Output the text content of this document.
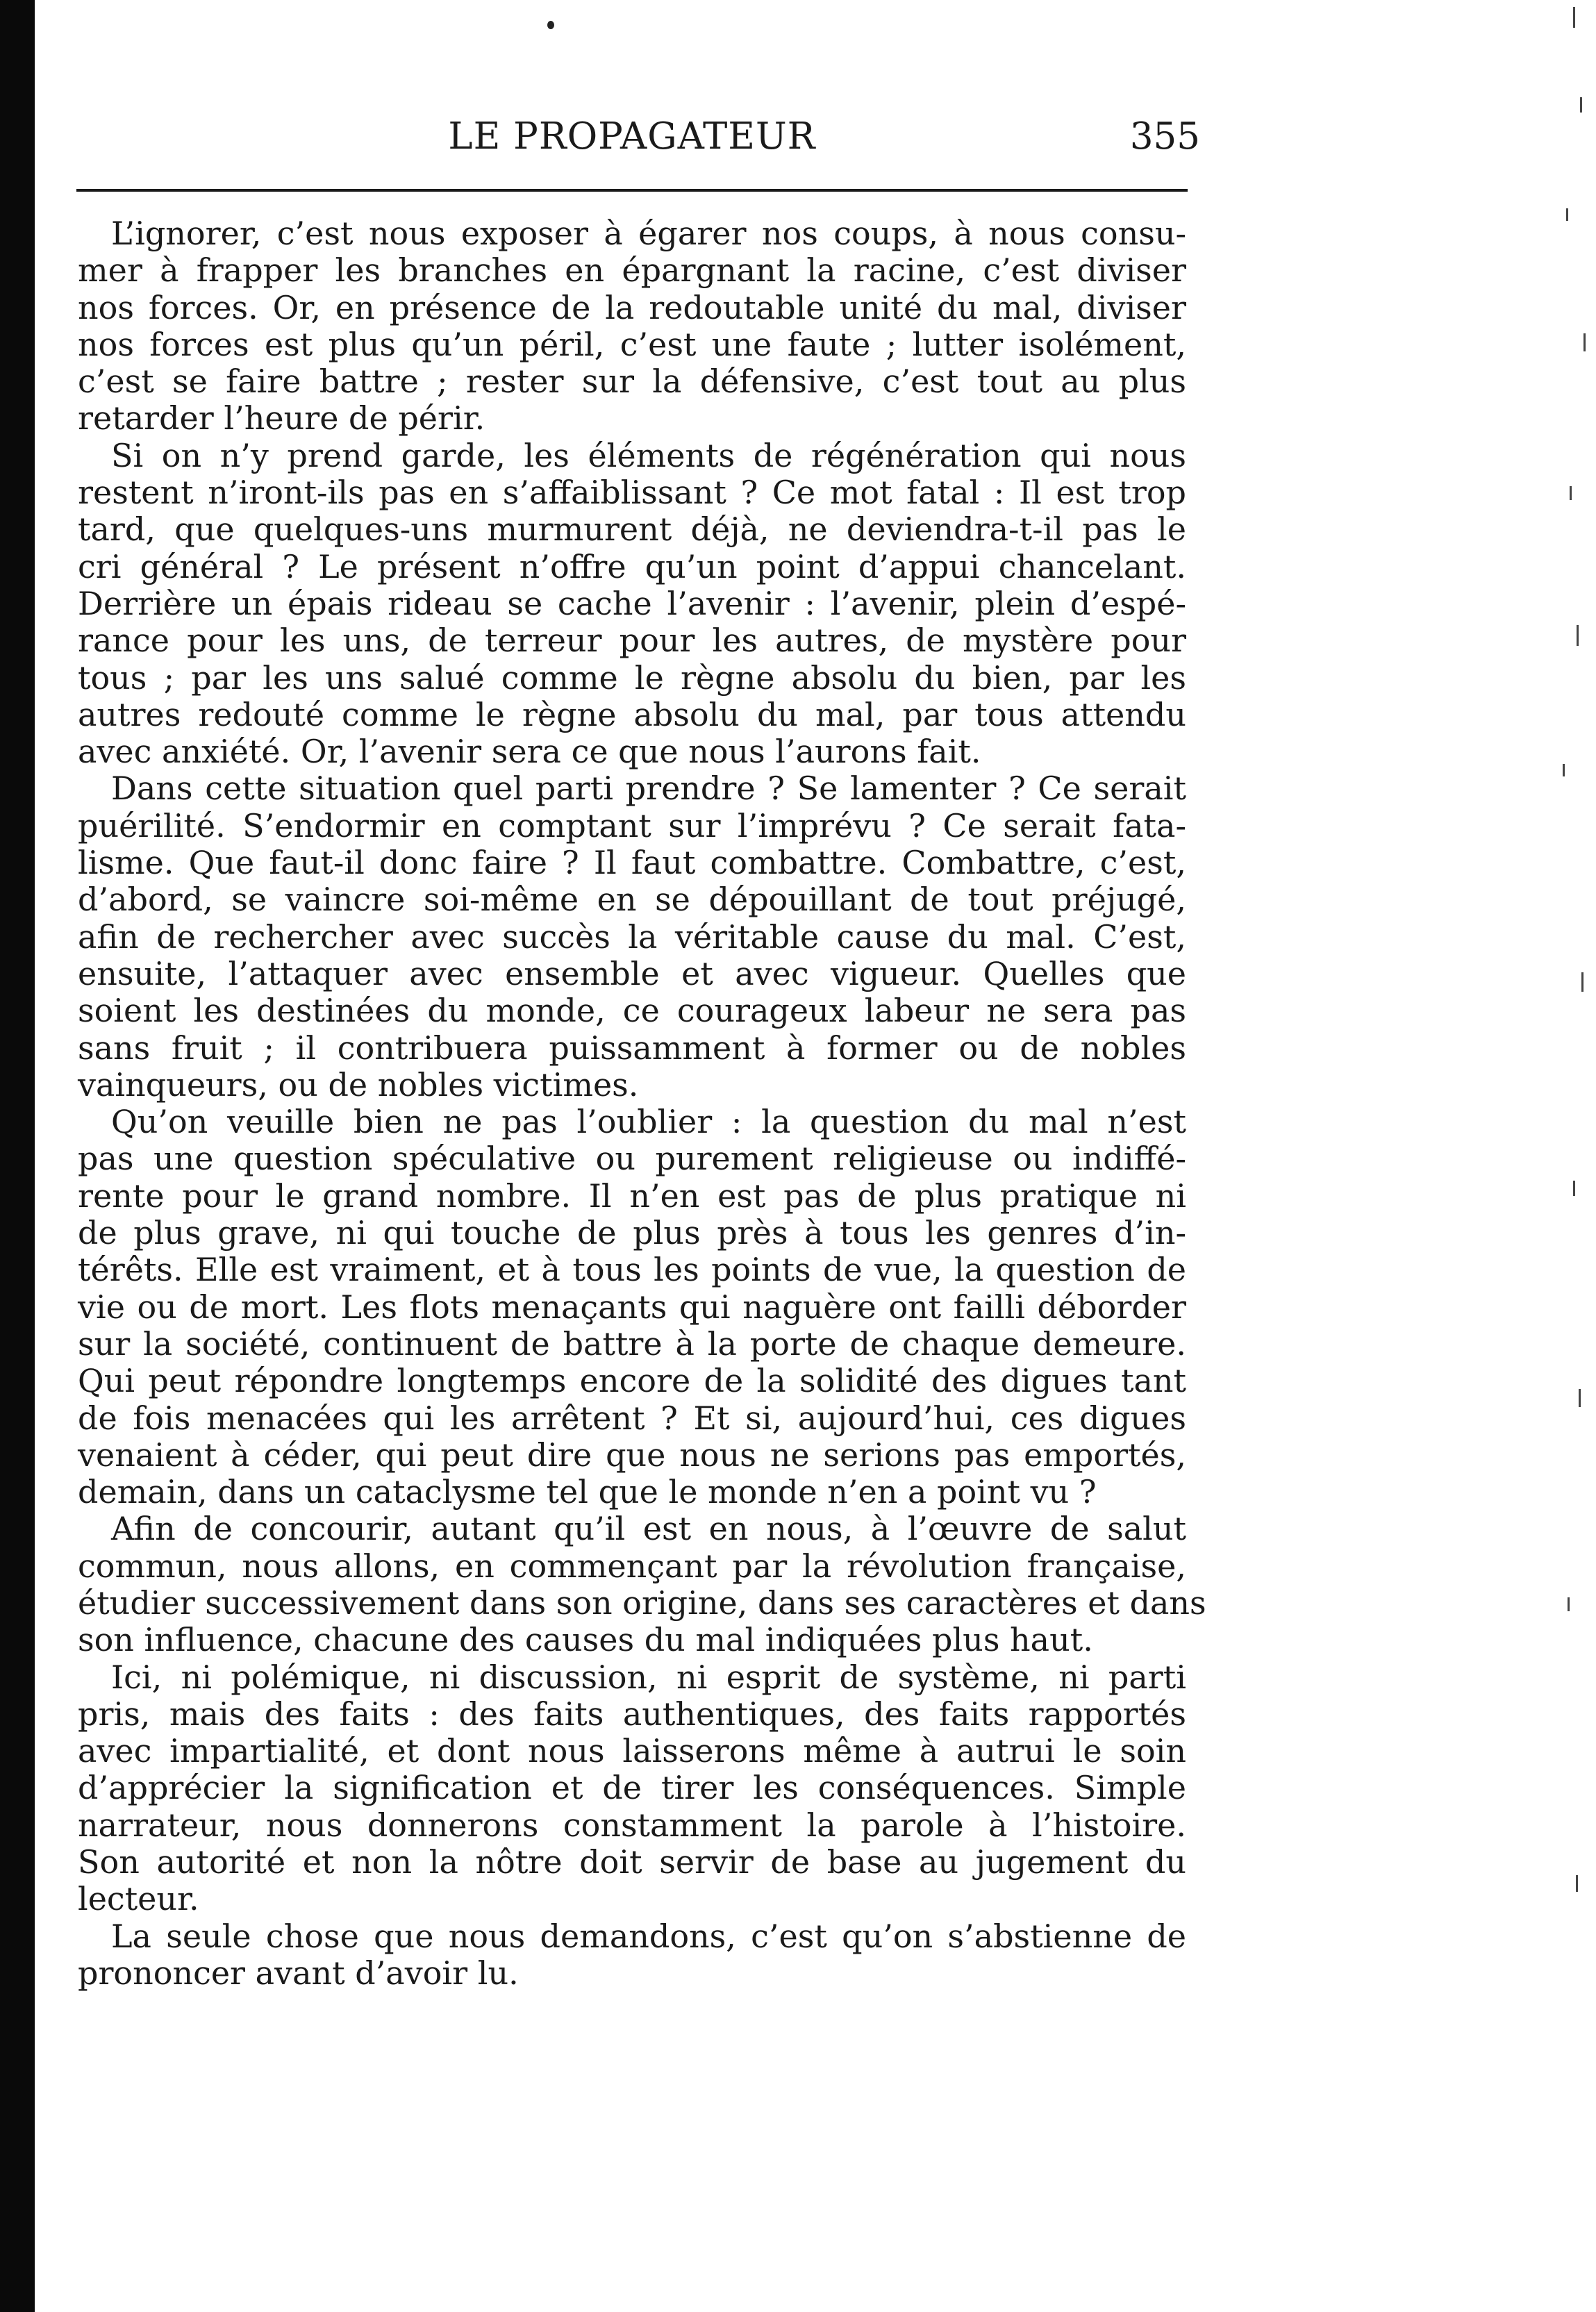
LE PROPAGATEUR	355
L’ignorer, c’est nous exposer à égarer nos coups, à nous consu-
mer à frapper les branches en épargnant la racine, c’est diviser
nos forces. Or, en présence de la redoutable unité du mal, diviser
nos forces est plus qu’un péril, c’est une faute ; lutter isolément,
c’est se faire battre ; rester sur la défensive, c’est tout au plus
retarder l’heure de périr.
Si on n’y prend garde, les éléments de régénération qui nous
restent n’iront-ils pas en s’affaiblissant ? Ce mot fatal : Il est trop
tard, que quelques-uns murmurent déjà, ne deviendra-t-il pas le
cri général ? Le présent n’offre qu’un point d’appui chancelant.
Derrière un épais rideau se cache l’avenir : l’avenir, plein d’espé-
rance pour les uns, de terreur pour les autres, de mystère pour
tous ; par les uns salué comme le règne absolu du bien, par les
autres redouté comme le règne absolu du mal, par tous attendu
avec anxiété. Or, l’avenir sera ce que nous l’aurons fait.
Dans cette situation quel parti prendre ? Se lamenter ? Ce serait
puérilité. S’endormir en comptant sur l’imprévu ? Ce serait fata-
lisme. Que faut-il donc faire ? Il faut combattre. Combattre, c’est,
d’abord, se vaincre soi-même en se dépouillant de tout préjugé,
afin de rechercher avec succès la véritable cause du mal. C’est,
ensuite, l’attaquer avec ensemble et avec vigueur. Quelles que
soient les destinées du monde, ce courageux labeur ne sera pas
sans fruit ; il contribuera puissamment à former ou de nobles
vainqueurs, ou de nobles victimes.
Qu’on veuille bien ne pas l’oublier : la question du mal n’est
pas une question spéculative ou purement religieuse ou indiffé-
rente pour le grand nombre. Il n’en est pas de plus pratique ni
de plus grave, ni qui touche de plus près à tous les genres d’in-
térêts. Elle est vraiment, et à tous les points de vue, la question de
vie ou de mort. Les flots menaçants qui naguère ont failli déborder
sur la société, continuent de battre à la porte de chaque demeure.
Qui peut répondre longtemps encore de la solidité des digues tant
de fois menacées qui les arrêtent ? Et si, aujourd’hui, ces digues
venaient à céder, qui peut dire que nous ne serions pas emportés,
demain, dans un cataclysme tel que le monde n’en a point vu ?
Afin de concourir, autant qu’il est en nous, à l’œuvre de salut
commun, nous allons, en commençant par la révolution française,
étudier successivement dans son origine, dans ses caractères et dans
son influence, chacune des causes du mal indiquées plus haut.
Ici, ni polémique, ni discussion, ni esprit de système, ni parti
pris, mais des faits : des faits authentiques, des faits rapportés
avec impartialité, et dont nous laisserons même à autrui le soin
d’apprécier la signification et de tirer les conséquences. Simple
narrateur, nous donnerons constamment la parole à l’histoire.
Son autorité et non la nôtre doit servir de base au jugement du
lecteur.
La seule chose que nous demandons, c’est qu’on s’abstienne de
prononcer avant d’avoir lu.
